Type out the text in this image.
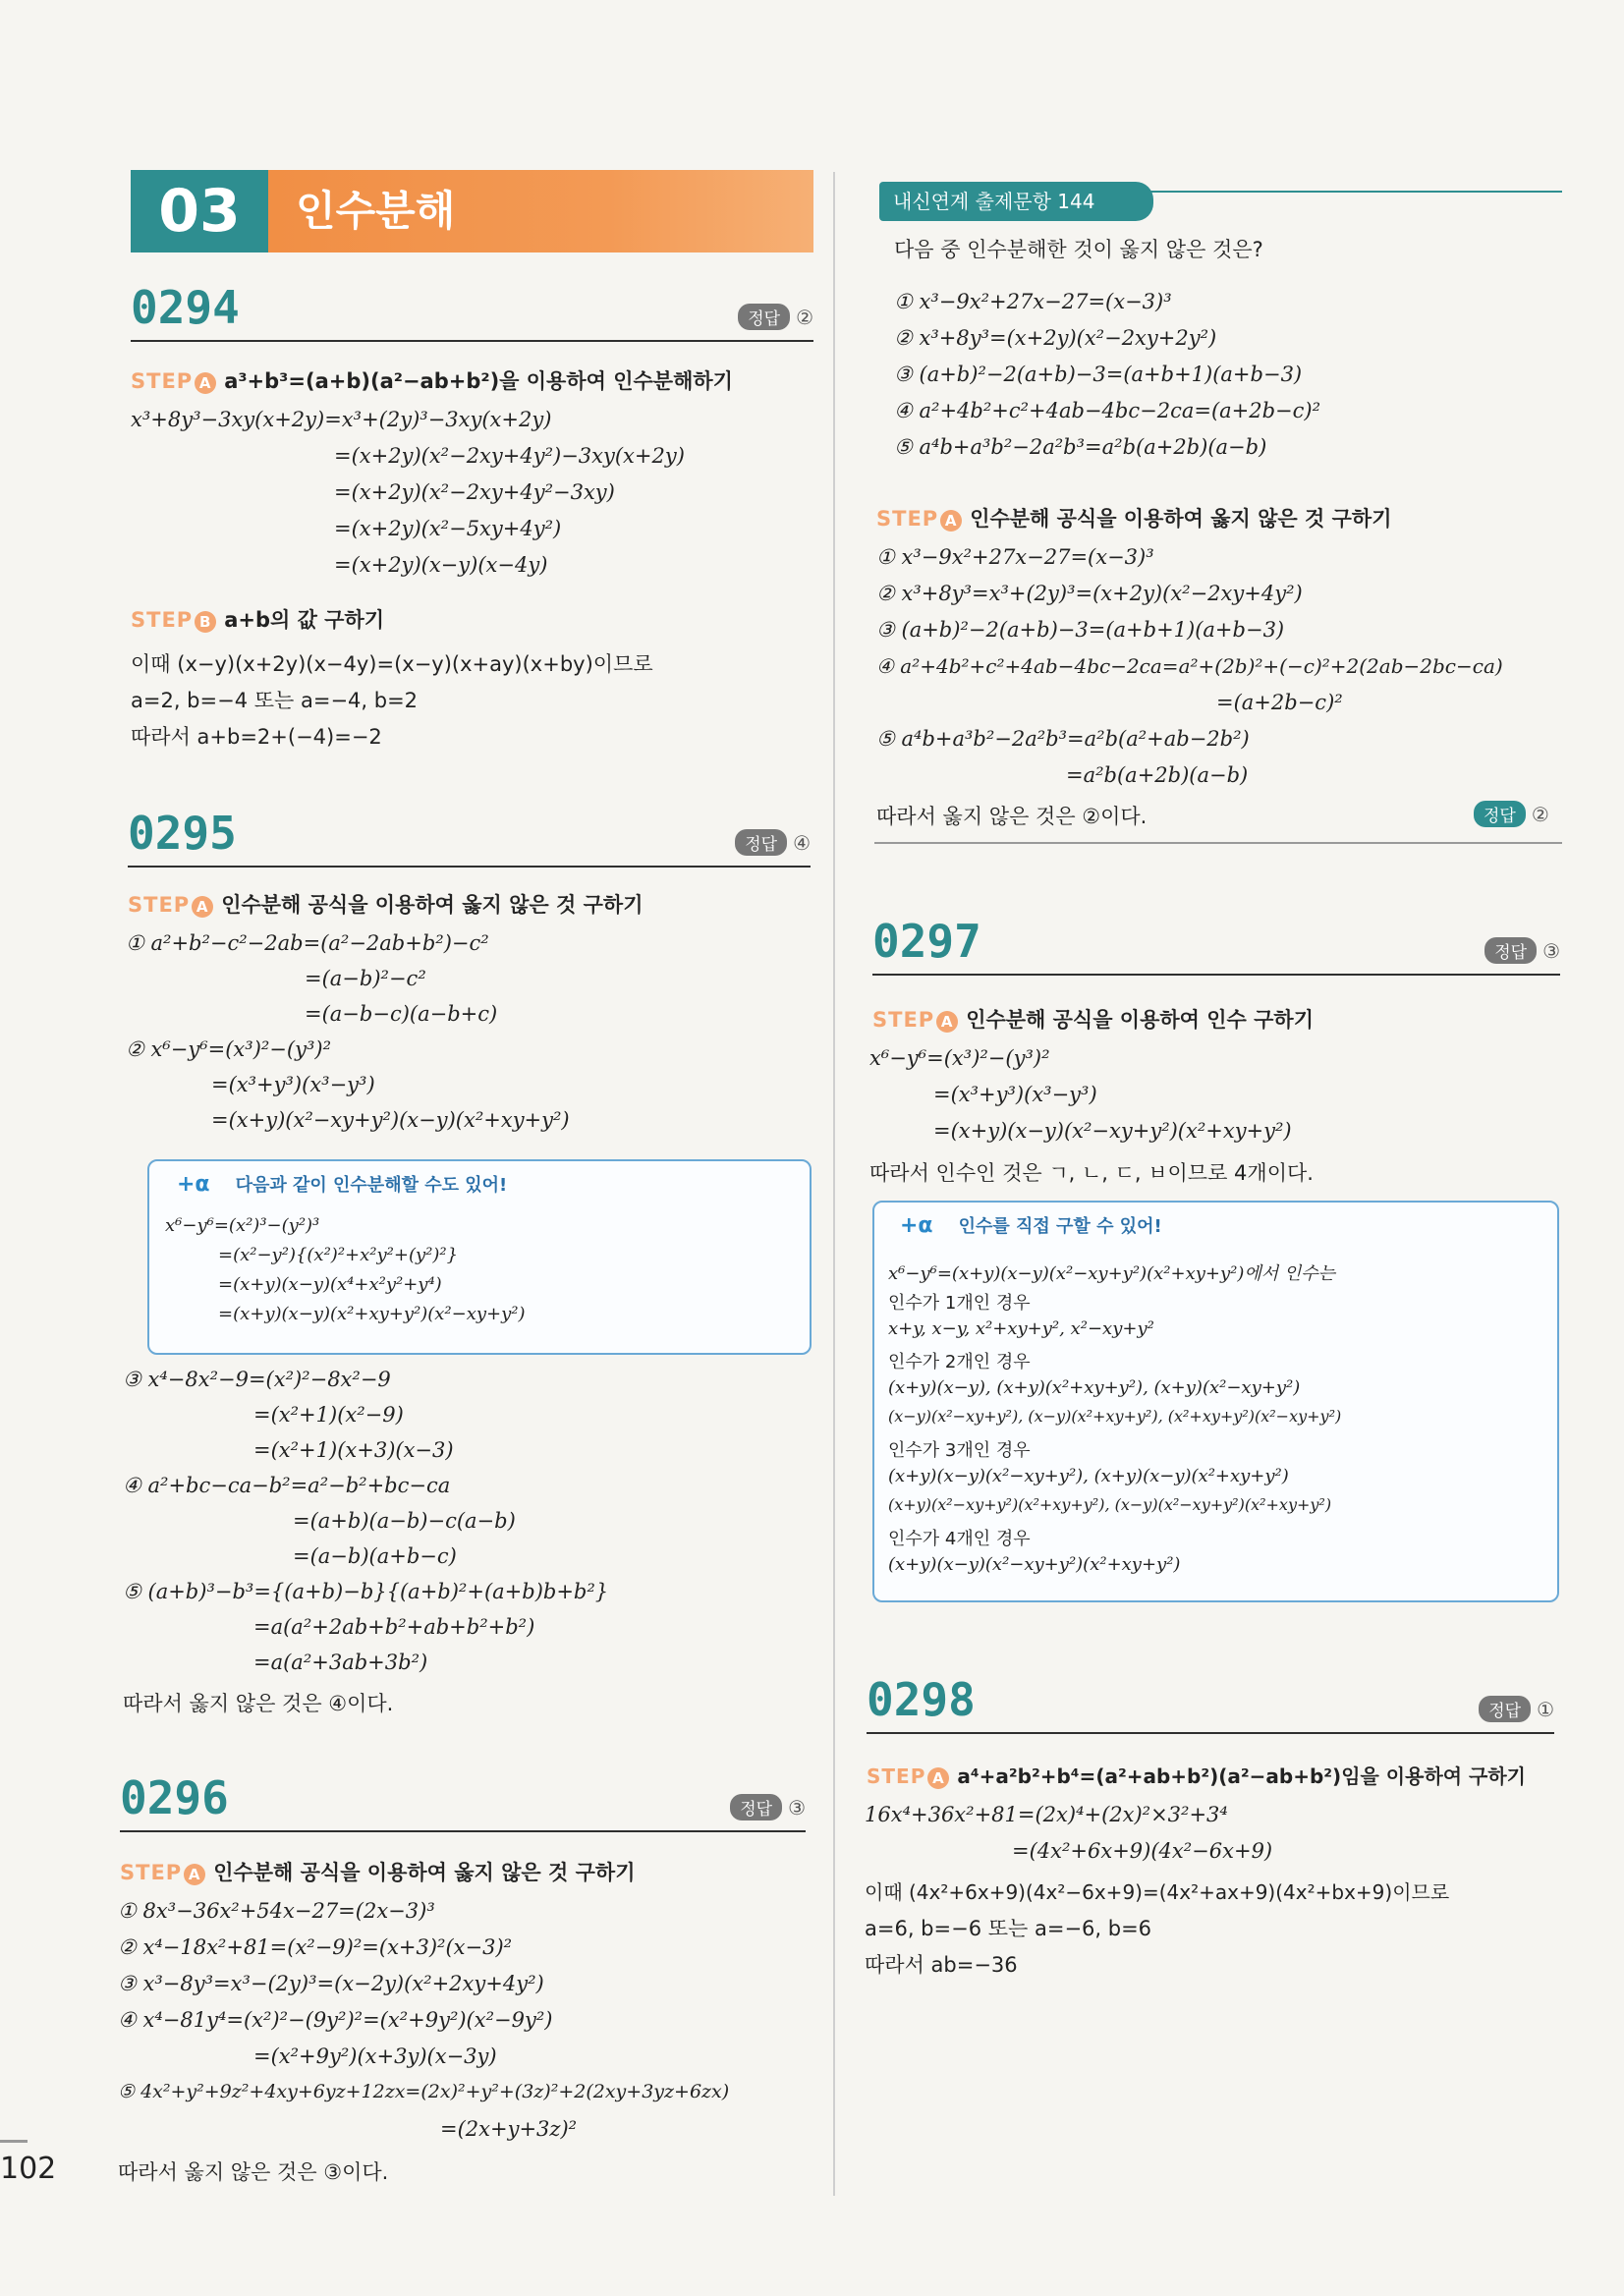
03	인수분해
0294	정답 ②
STEP A a³+b³=(a+b)(a²−ab+b²)을 이용하여 인수분해하기
x³+8y³−3xy(x+2y)=x³+(2y)³−3xy(x+2y)
=(x+2y)(x²−2xy+4y²)−3xy(x+2y)
=(x+2y)(x²−2xy+4y²−3xy)
=(x+2y)(x²−5xy+4y²)
=(x+2y)(x−y)(x−4y)
STEP B a+b의 값 구하기
이때 (x−y)(x+2y)(x−4y)=(x−y)(x+ay)(x+by)이므로
a=2, b=−4 또는 a=−4, b=2
따라서 a+b=2+(−4)=−2
0295	정답 ④
STEP A 인수분해 공식을 이용하여 옳지 않은 것 구하기
① a²+b²−c²−2ab=(a²−2ab+b²)−c²
=(a−b)²−c²
=(a−b−c)(a−b+c)
② x⁶−y⁶=(x³)²−(y³)²
=(x³+y³)(x³−y³)
=(x+y)(x²−xy+y²)(x−y)(x²+xy+y²)
+α 다음과 같이 인수분해할 수도 있어!
x⁶−y⁶=(x²)³−(y²)³
=(x²−y²){(x²)²+x²y²+(y²)²}
=(x+y)(x−y)(x⁴+x²y²+y⁴)
=(x+y)(x−y)(x²+xy+y²)(x²−xy+y²)
③ x⁴−8x²−9=(x²)²−8x²−9
=(x²+1)(x²−9)
=(x²+1)(x+3)(x−3)
④ a²+bc−ca−b²=a²−b²+bc−ca
=(a+b)(a−b)−c(a−b)
=(a−b)(a+b−c)
⑤ (a+b)³−b³={(a+b)−b}{(a+b)²+(a+b)b+b²}
=a(a²+2ab+b²+ab+b²+b²)
=a(a²+3ab+3b²)
따라서 옳지 않은 것은 ④이다.
0296	정답 ③
STEP A 인수분해 공식을 이용하여 옳지 않은 것 구하기
① 8x³−36x²+54x−27=(2x−3)³
② x⁴−18x²+81=(x²−9)²=(x+3)²(x−3)²
③ x³−8y³=x³−(2y)³=(x−2y)(x²+2xy+4y²)
④ x⁴−81y⁴=(x²)²−(9y²)²=(x²+9y²)(x²−9y²)
=(x²+9y²)(x+3y)(x−3y)
⑤ 4x²+y²+9z²+4xy+6yz+12zx=(2x)²+y²+(3z)²+2(2xy+3yz+6zx)
=(2x+y+3z)²
따라서 옳지 않은 것은 ③이다.
102
내신연계 출제문항 144
다음 중 인수분해한 것이 옳지 않은 것은?
① x³−9x²+27x−27=(x−3)³
② x³+8y³=(x+2y)(x²−2xy+2y²)
③ (a+b)²−2(a+b)−3=(a+b+1)(a+b−3)
④ a²+4b²+c²+4ab−4bc−2ca=(a+2b−c)²
⑤ a⁴b+a³b²−2a²b³=a²b(a+2b)(a−b)
STEP A 인수분해 공식을 이용하여 옳지 않은 것 구하기
① x³−9x²+27x−27=(x−3)³
② x³+8y³=x³+(2y)³=(x+2y)(x²−2xy+4y²)
③ (a+b)²−2(a+b)−3=(a+b+1)(a+b−3)
④ a²+4b²+c²+4ab−4bc−2ca=a²+(2b)²+(−c)²+2(2ab−2bc−ca)
=(a+2b−c)²
⑤ a⁴b+a³b²−2a²b³=a²b(a²+ab−2b²)
=a²b(a+2b)(a−b)
따라서 옳지 않은 것은 ②이다.	정답 ②
0297	정답 ③
STEP A 인수분해 공식을 이용하여 인수 구하기
x⁶−y⁶=(x³)²−(y³)²
=(x³+y³)(x³−y³)
=(x+y)(x−y)(x²−xy+y²)(x²+xy+y²)
따라서 인수인 것은 ㄱ, ㄴ, ㄷ, ㅂ이므로 4개이다.
+α 인수를 직접 구할 수 있어!
x⁶−y⁶=(x+y)(x−y)(x²−xy+y²)(x²+xy+y²)에서 인수는
인수가 1개인 경우
x+y, x−y, x²+xy+y², x²−xy+y²
인수가 2개인 경우
(x+y)(x−y), (x+y)(x²+xy+y²), (x+y)(x²−xy+y²)
(x−y)(x²−xy+y²), (x−y)(x²+xy+y²), (x²+xy+y²)(x²−xy+y²)
인수가 3개인 경우
(x+y)(x−y)(x²−xy+y²), (x+y)(x−y)(x²+xy+y²)
(x+y)(x²−xy+y²)(x²+xy+y²), (x−y)(x²−xy+y²)(x²+xy+y²)
인수가 4개인 경우
(x+y)(x−y)(x²−xy+y²)(x²+xy+y²)
0298	정답 ①
STEP A a⁴+a²b²+b⁴=(a²+ab+b²)(a²−ab+b²)임을 이용하여 구하기
16x⁴+36x²+81=(2x)⁴+(2x)²×3²+3⁴
=(4x²+6x+9)(4x²−6x+9)
이때 (4x²+6x+9)(4x²−6x+9)=(4x²+ax+9)(4x²+bx+9)이므로
a=6, b=−6 또는 a=−6, b=6
따라서 ab=−36
